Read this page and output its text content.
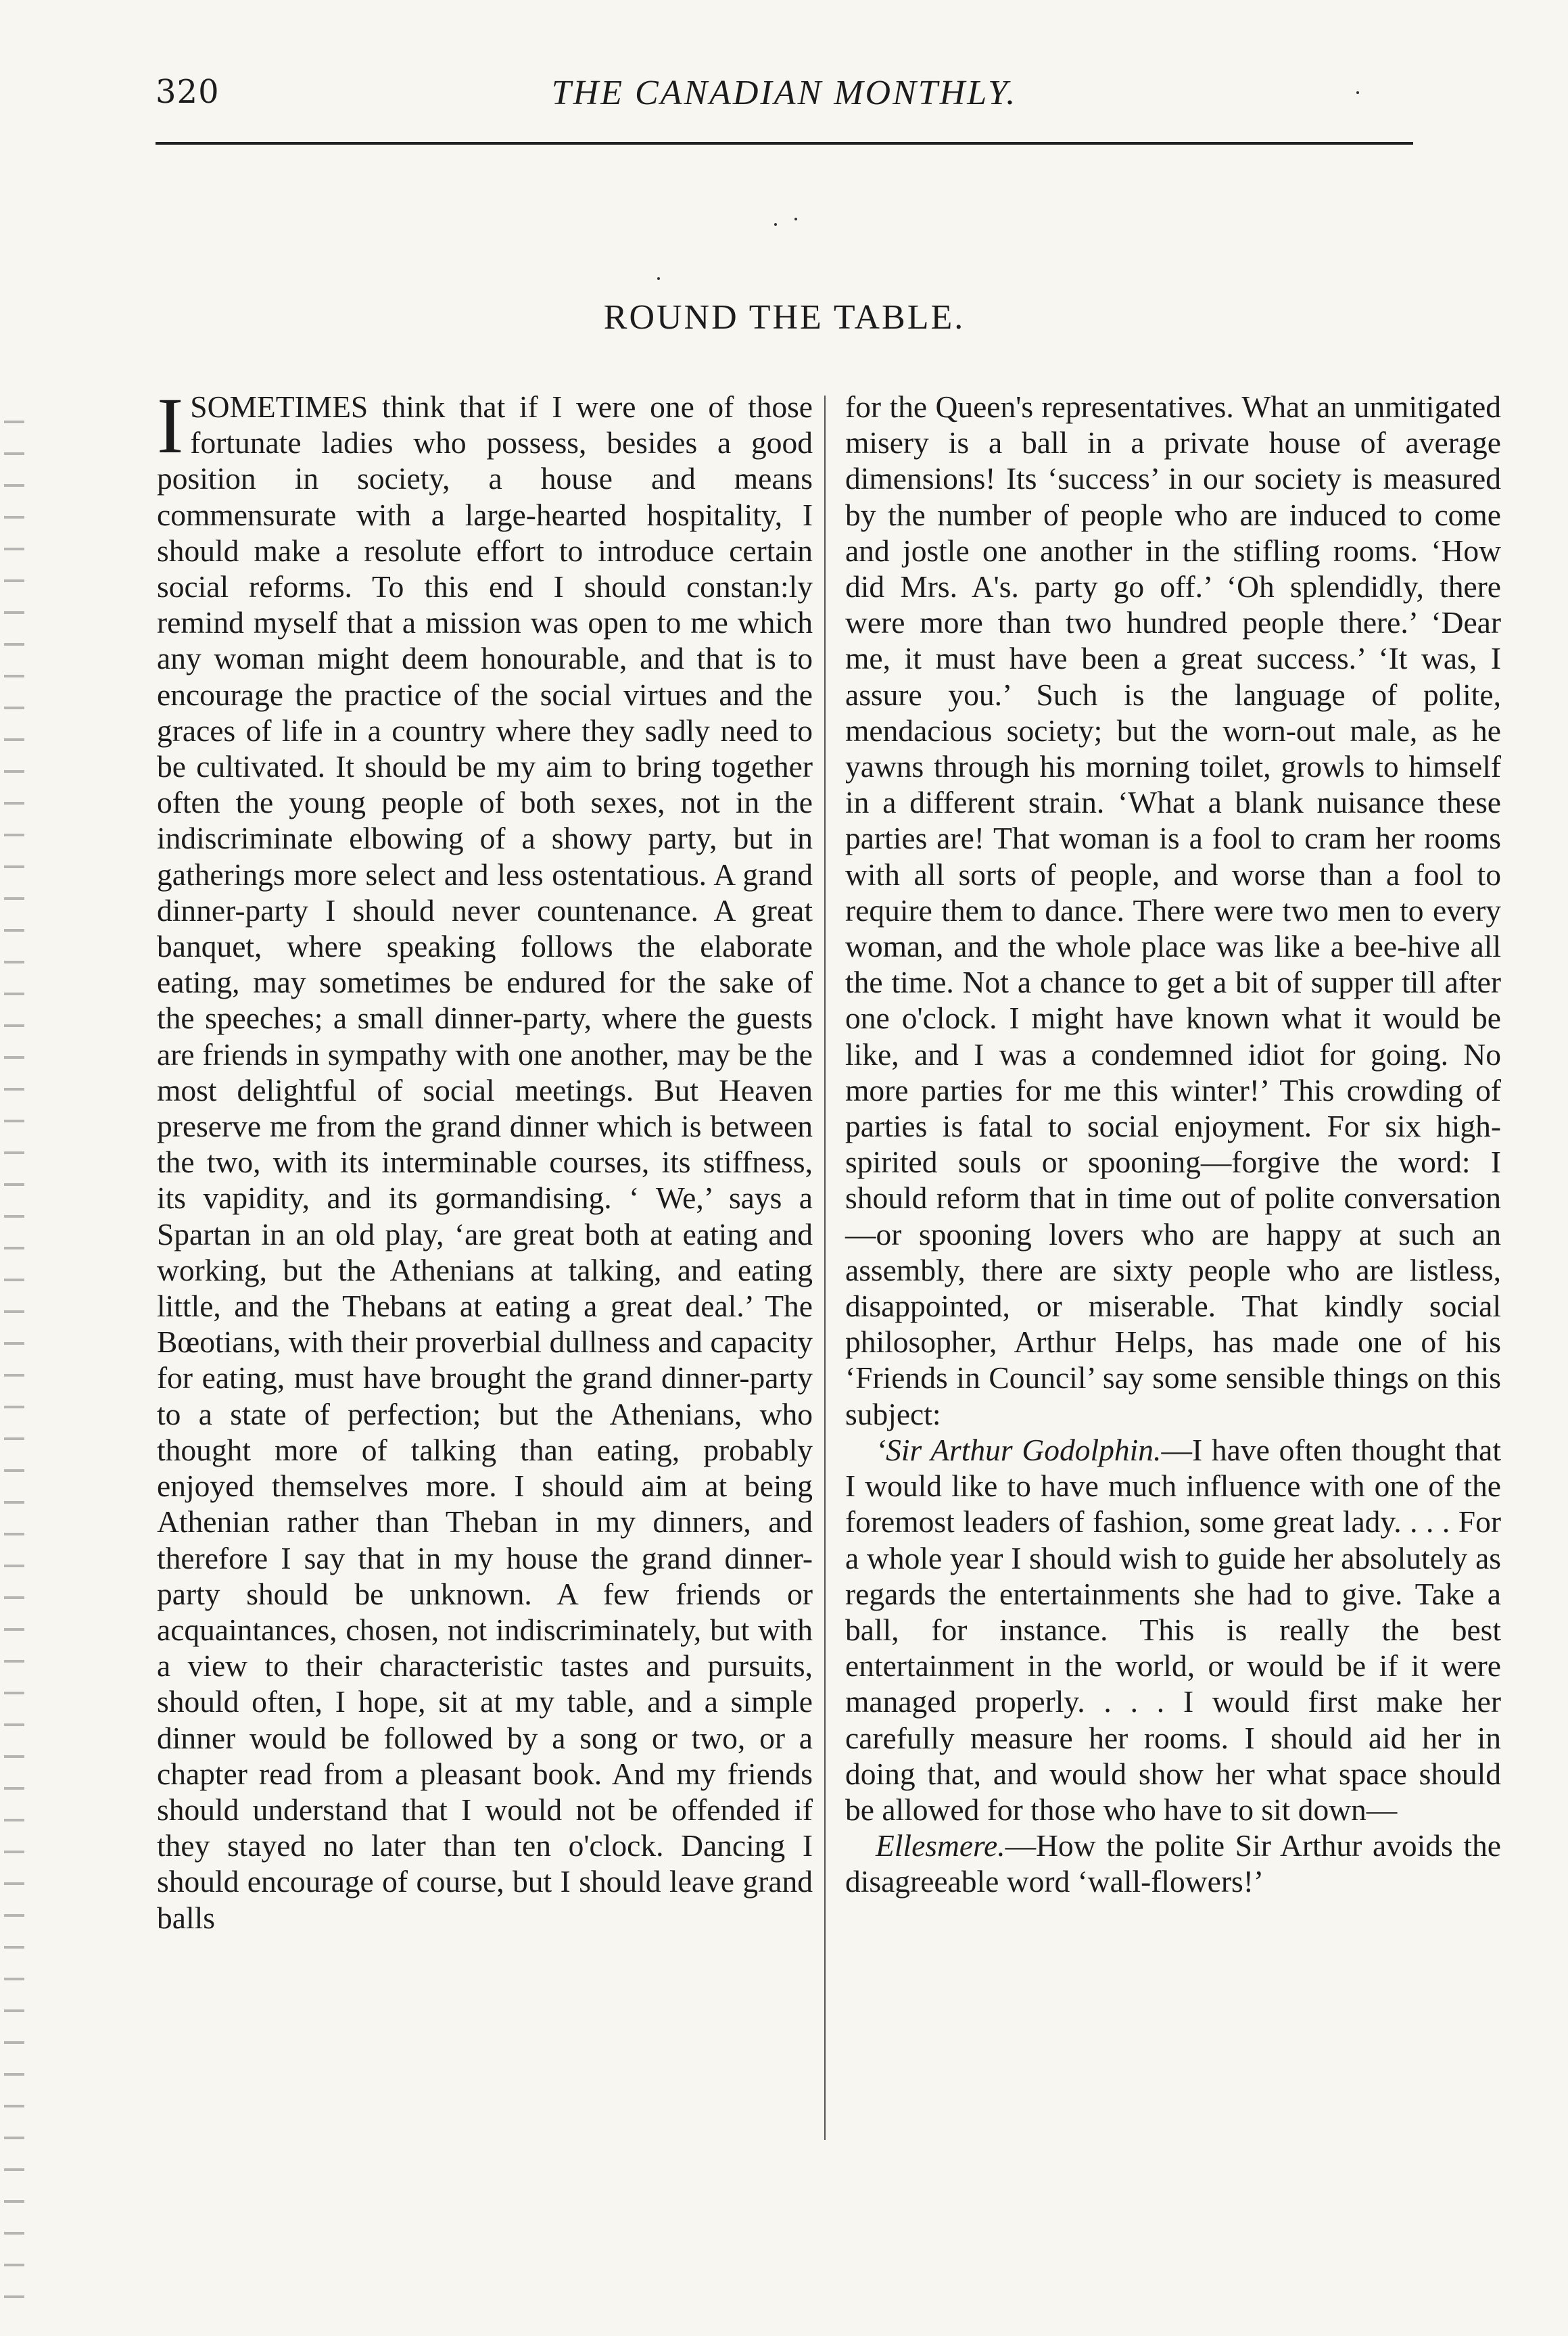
320	THE CANADIAN MONTHLY.
ROUND THE TABLE.

ISOMETIMES think that if I were one of those fortunate ladies who possess, besides a good position in society, a house and means commensurate with a large-hearted hospitality, I should make a resolute effort to introduce certain social reforms. To this end I should constan:ly remind myself that a mission was open to me which any woman might deem honourable, and that is to encourage the practice of the social virtues and the graces of life in a country where they sadly need to be cultivated. It should be my aim to bring together often the young people of both sexes, not in the indiscriminate elbowing of a showy party, but in gatherings more select and less ostentatious. A grand dinner-party I should never countenance. A great banquet, where speaking follows the elaborate eating, may sometimes be endured for the sake of the speeches; a small dinner-party, where the guests are friends in sympathy with one another, may be the most delightful of social meetings. But Heaven preserve me from the grand dinner which is between the two, with its interminable courses, its stiffness, its vapidity, and its gormandising. ‘ We,’ says a Spartan in an old play, ‘are great both at eating and working, but the Athenians at talking, and eating little, and the Thebans at eating a great deal.’ The Bœotians, with their proverbial dullness and capacity for eating, must have brought the grand dinner-party to a state of perfection; but the Athenians, who thought more of talking than eating, probably enjoyed themselves more. I should aim at being Athenian rather than Theban in my dinners, and therefore I say that in my house the grand dinner-party should be unknown. A few friends or acquaintances, chosen, not indiscriminately, but with a view to their characteristic tastes and pursuits, should often, I hope, sit at my table, and a simple dinner would be followed by a song or two, or a chapter read from a pleasant book. And my friends should understand that I would not be offended if they stayed no later than ten o'clock. Dancing I should encourage of course, but I should leave grand balls

for the Queen's representatives. What an unmitigated misery is a ball in a private house of average dimensions! Its ‘success’ in our society is measured by the number of people who are induced to come and jostle one another in the stifling rooms. ‘How did Mrs. A's. party go off.’ ‘Oh splendidly, there were more than two hundred people there.’ ‘Dear me, it must have been a great success.’ ‘It was, I assure you.’ Such is the language of polite, mendacious society; but the worn-out male, as he yawns through his morning toilet, growls to himself in a different strain. ‘What a blank nuisance these parties are! That woman is a fool to cram her rooms with all sorts of people, and worse than a fool to require them to dance. There were two men to every woman, and the whole place was like a bee-hive all the time. Not a chance to get a bit of supper till after one o'clock. I might have known what it would be like, and I was a condemned idiot for going. No more parties for me this winter!’ This crowding of parties is fatal to social enjoyment. For six high-spirited souls or spooning—forgive the word: I should reform that in time out of polite conversation —or spooning lovers who are happy at such an assembly, there are sixty people who are listless, disappointed, or miserable. That kindly social philosopher, Arthur Helps, has made one of his ‘Friends in Council’ say some sensible things on this subject:

‘Sir Arthur Godolphin.—I have often thought that I would like to have much influence with one of the foremost leaders of fashion, some great lady. . . . For a whole year I should wish to guide her absolutely as regards the entertainments she had to give. Take a ball, for instance. This is really the best entertainment in the world, or would be if it were managed properly. . . . I would first make her carefully measure her rooms. I should aid her in doing that, and would show her what space should be allowed for those who have to sit down—

Ellesmere.—How the polite Sir Arthur avoids the disagreeable word ‘wall-flowers!’
